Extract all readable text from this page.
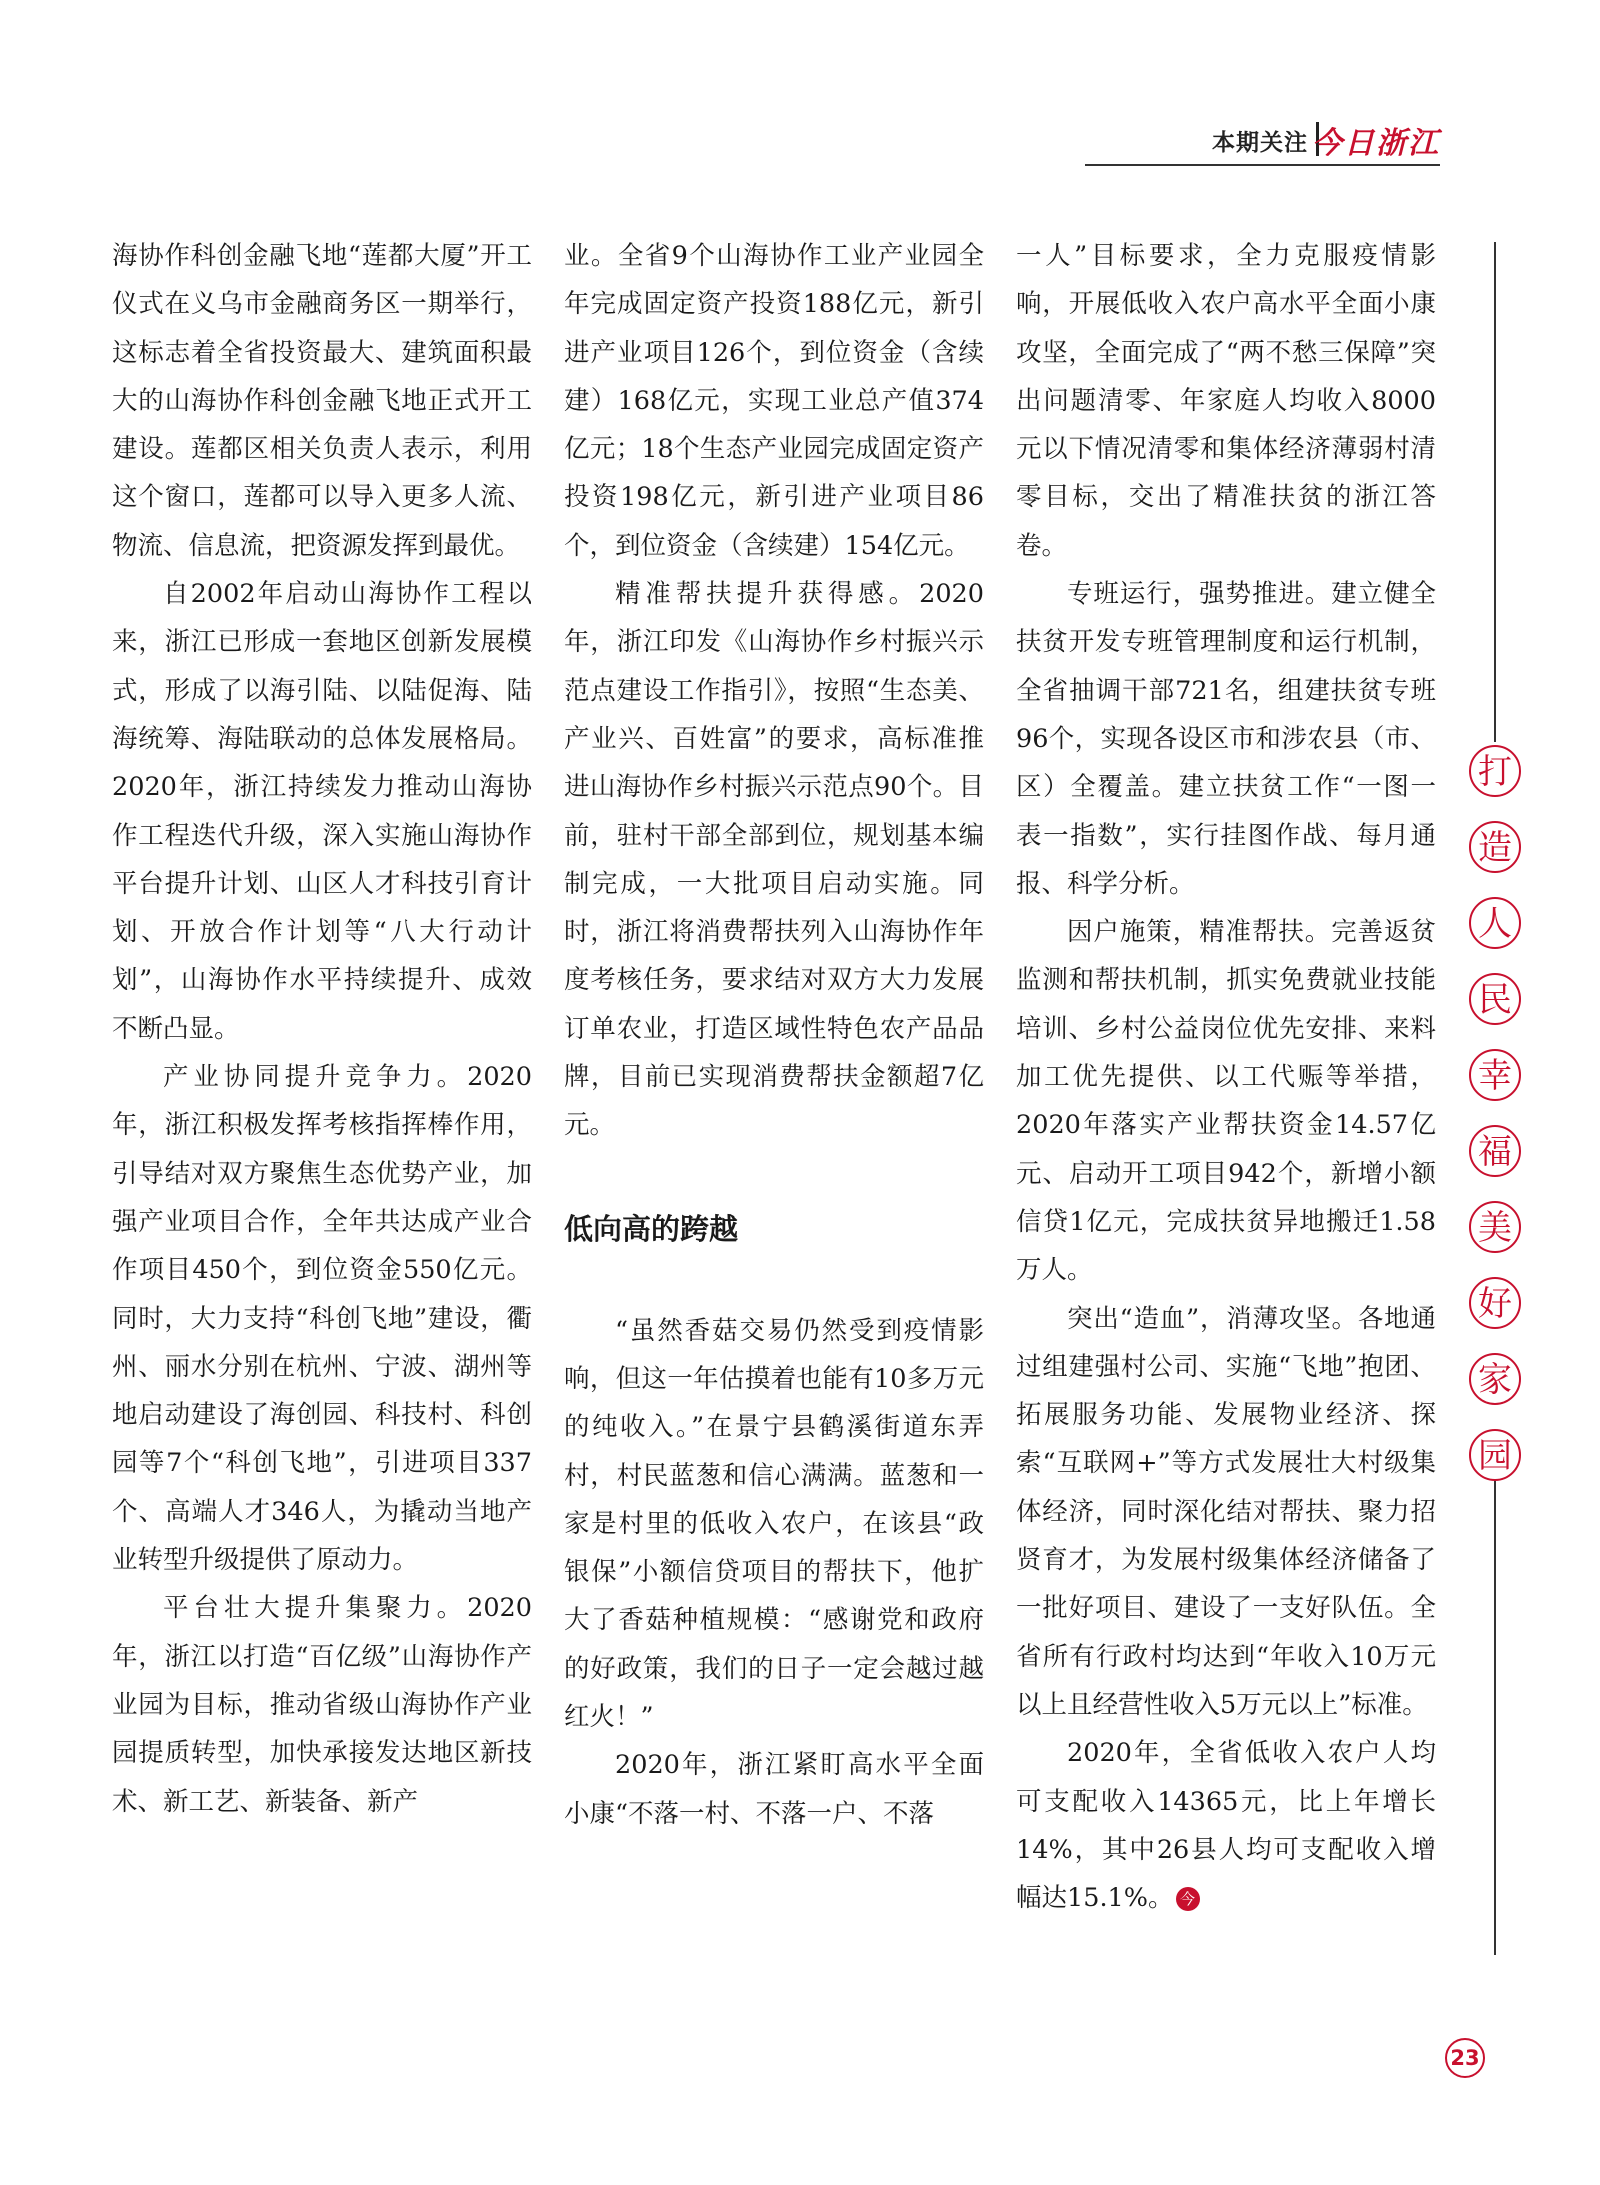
本期关注 今日浙江

海协作科创金融飞地“莲都大厦”开工仪式在义乌市金融商务区一期举行，这标志着全省投资最大、建筑面积最大的山海协作科创金融飞地正式开工建设。莲都区相关负责人表示，利用这个窗口，莲都可以导入更多人流、物流、信息流，把资源发挥到最优。

自2002年启动山海协作工程以来，浙江已形成一套地区创新发展模式，形成了以海引陆、以陆促海、陆海统筹、海陆联动的总体发展格局。2020年，浙江持续发力推动山海协作工程迭代升级，深入实施山海协作平台提升计划、山区人才科技引育计划、开放合作计划等“八大行动计划”，山海协作水平持续提升、成效不断凸显。

产业协同提升竞争力。2020年，浙江积极发挥考核指挥棒作用，引导结对双方聚焦生态优势产业，加强产业项目合作，全年共达成产业合作项目450个，到位资金550亿元。同时，大力支持“科创飞地”建设，衢州、丽水分别在杭州、宁波、湖州等地启动建设了海创园、科技村、科创园等7个“科创飞地”，引进项目337个、高端人才346人，为撬动当地产业转型升级提供了原动力。

平台壮大提升集聚力。2020年，浙江以打造“百亿级”山海协作产业园为目标，推动省级山海协作产业园提质转型，加快承接发达地区新技术、新工艺、新装备、新产

业。全省9个山海协作工业产业园全年完成固定资产投资188亿元，新引进产业项目126个，到位资金（含续建）168亿元，实现工业总产值374亿元；18个生态产业园完成固定资产投资198亿元，新引进产业项目86个，到位资金（含续建）154亿元。

精准帮扶提升获得感。2020年，浙江印发《山海协作乡村振兴示范点建设工作指引》，按照“生态美、产业兴、百姓富”的要求，高标准推进山海协作乡村振兴示范点90个。目前，驻村干部全部到位，规划基本编制完成，一大批项目启动实施。同时，浙江将消费帮扶列入山海协作年度考核任务，要求结对双方大力发展订单农业，打造区域性特色农产品品牌，目前已实现消费帮扶金额超7亿元。

低向高的跨越

“虽然香菇交易仍然受到疫情影响，但这一年估摸着也能有10多万元的纯收入。”在景宁县鹤溪街道东弄村，村民蓝葱和信心满满。蓝葱和一家是村里的低收入农户，在该县“政银保”小额信贷项目的帮扶下，他扩大了香菇种植规模：“感谢党和政府的好政策，我们的日子一定会越过越红火！”

2020年，浙江紧盯高水平全面小康“不落一村、不落一户、不落

一人”目标要求，全力克服疫情影响，开展低收入农户高水平全面小康攻坚，全面完成了“两不愁三保障”突出问题清零、年家庭人均收入8000元以下情况清零和集体经济薄弱村清零目标，交出了精准扶贫的浙江答卷。

专班运行，强势推进。建立健全扶贫开发专班管理制度和运行机制，全省抽调干部721名，组建扶贫专班96个，实现各设区市和涉农县（市、区）全覆盖。建立扶贫工作“一图一表一指数”，实行挂图作战、每月通报、科学分析。

因户施策，精准帮扶。完善返贫监测和帮扶机制，抓实免费就业技能培训、乡村公益岗位优先安排、来料加工优先提供、以工代赈等举措，2020年落实产业帮扶资金14.57亿元、启动开工项目942个，新增小额信贷1亿元，完成扶贫异地搬迁1.58万人。

突出“造血”，消薄攻坚。各地通过组建强村公司、实施“飞地”抱团、拓展服务功能、发展物业经济、探索“互联网+”等方式发展壮大村级集体经济，同时深化结对帮扶、聚力招贤育才，为发展村级集体经济储备了一批好项目、建设了一支好队伍。全省所有行政村均达到“年收入10万元以上且经营性收入5万元以上”标准。

2020年，全省低收入农户人均可支配收入14365元，比上年增长14%，其中26县人均可支配收入增幅达15.1%。 今

打
造
人
民
幸
福
美
好
家
园
23
